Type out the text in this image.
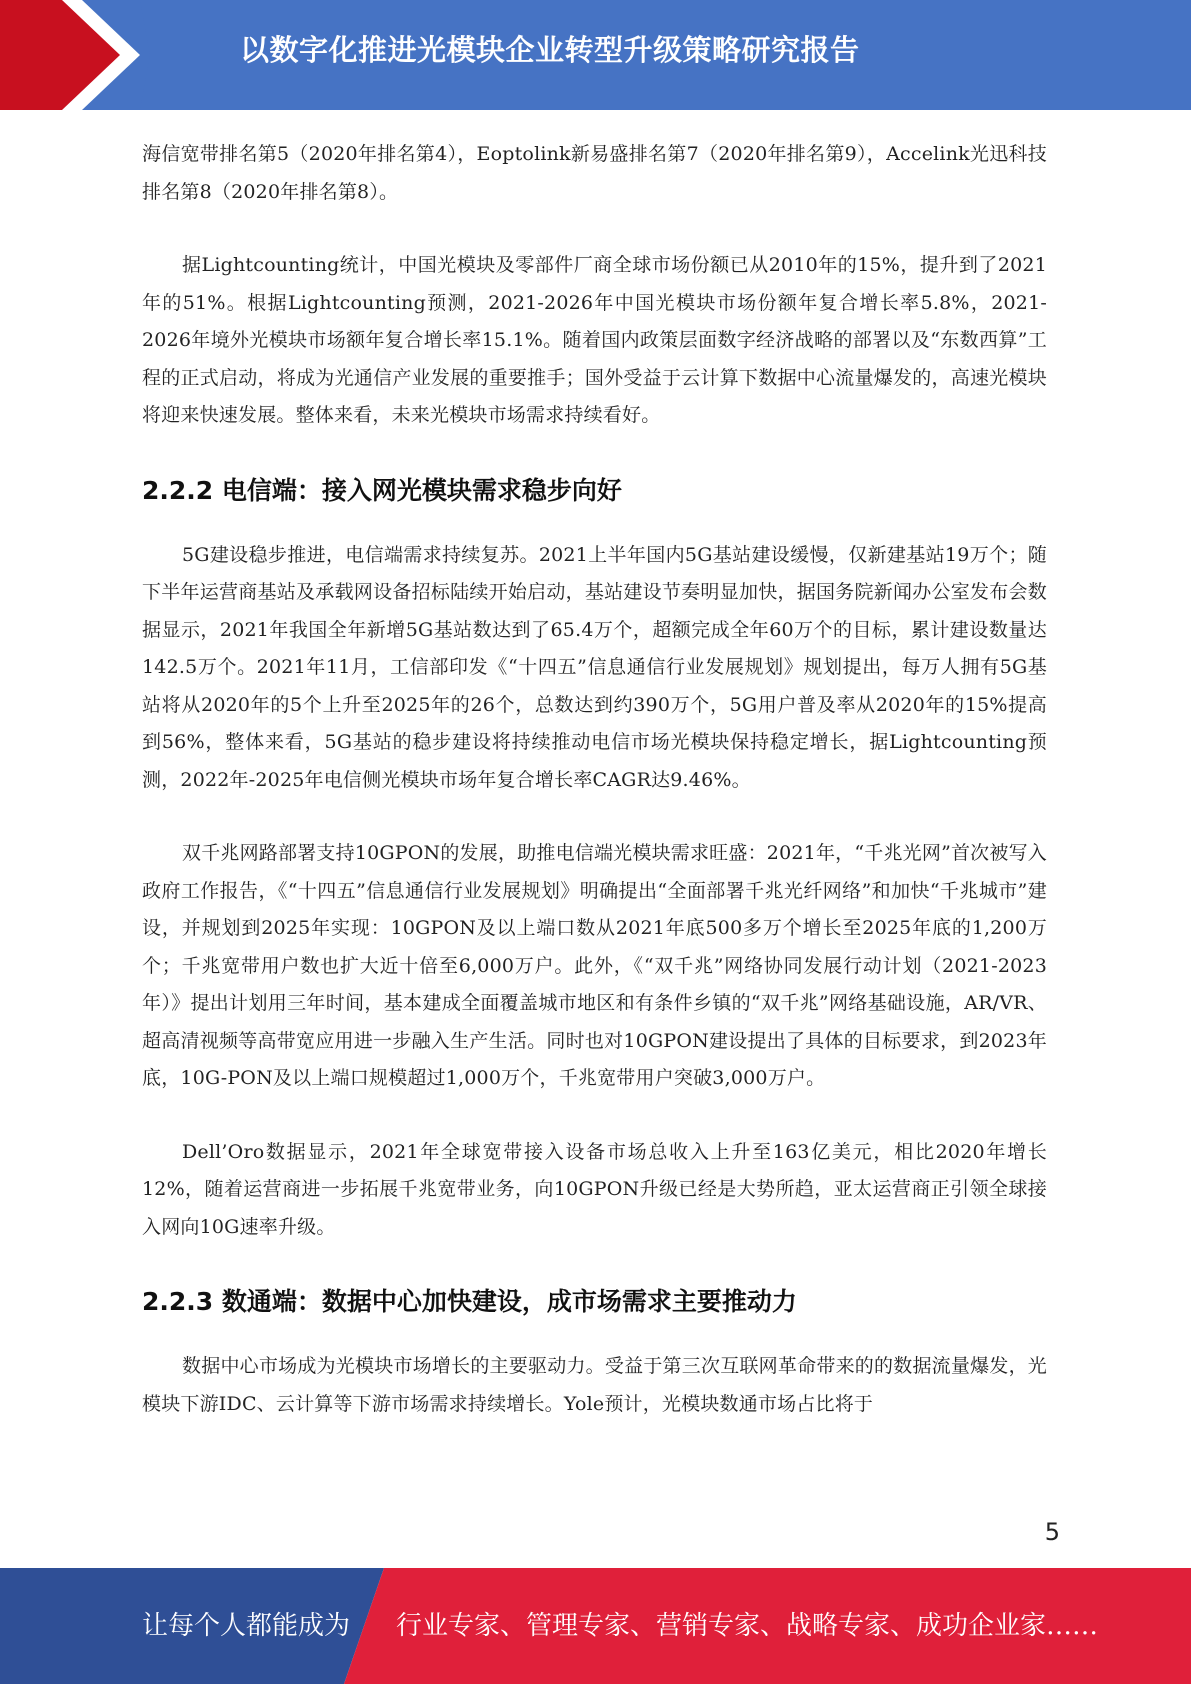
以数字化推进光模块企业转型升级策略研究报告

海信宽带排名第5（2020年排名第4），Eoptolink新易盛排名第7（2020年排名第9），Accelink光迅科技排名第8（2020年排名第8）。

据Lightcounting统计，中国光模块及零部件厂商全球市场份额已从2010年的15%，提升到了2021年的51%。根据Lightcounting预测，2021-2026年中国光模块市场份额年复合增长率5.8%，2021-2026年境外光模块市场额年复合增长率15.1%。随着国内政策层面数字经济战略的部署以及“东数西算”工程的正式启动，将成为光通信产业发展的重要推手；国外受益于云计算下数据中心流量爆发的，高速光模块将迎来快速发展。整体来看，未来光模块市场需求持续看好。

2.2.2 电信端：接入网光模块需求稳步向好

5G建设稳步推进，电信端需求持续复苏。2021上半年国内5G基站建设缓慢，仅新建基站19万个；随下半年运营商基站及承载网设备招标陆续开始启动，基站建设节奏明显加快，据国务院新闻办公室发布会数据显示，2021年我国全年新增5G基站数达到了65.4万个，超额完成全年60万个的目标，累计建设数量达142.5万个。2021年11月，工信部印发《“十四五”信息通信行业发展规划》规划提出，每万人拥有5G基站将从2020年的5个上升至2025年的26个，总数达到约390万个，5G用户普及率从2020年的15%提高到56%，整体来看，5G基站的稳步建设将持续推动电信市场光模块保持稳定增长，据Lightcounting预测，2022年-2025年电信侧光模块市场年复合增长率CAGR达9.46%。

双千兆网路部署支持10GPON的发展，助推电信端光模块需求旺盛：2021年，“千兆光网”首次被写入政府工作报告，《“十四五”信息通信行业发展规划》明确提出“全面部署千兆光纤网络”和加快“千兆城市”建设，并规划到2025年实现：10GPON及以上端口数从2021年底500多万个增长至2025年底的1,200万个；千兆宽带用户数也扩大近十倍至6,000万户。此外，《“双千兆”网络协同发展行动计划（2021-2023年）》提出计划用三年时间，基本建成全面覆盖城市地区和有条件乡镇的“双千兆”网络基础设施，AR/VR、超高清视频等高带宽应用进一步融入生产生活。同时也对10GPON建设提出了具体的目标要求，到2023年底，10G-PON及以上端口规模超过1,000万个，千兆宽带用户突破3,000万户。

Dell’Oro数据显示，2021年全球宽带接入设备市场总收入上升至163亿美元，相比2020年增长12%，随着运营商进一步拓展千兆宽带业务，向10GPON升级已经是大势所趋，亚太运营商正引领全球接入网向10G速率升级。

2.2.3 数通端：数据中心加快建设，成市场需求主要推动力

数据中心市场成为光模块市场增长的主要驱动力。受益于第三次互联网革命带来的的数据流量爆发，光模块下游IDC、云计算等下游市场需求持续增长。Yole预计，光模块数通市场占比将于

5
让每个人都能成为 行业专家、管理专家、营销专家、战略专家、成功企业家……
